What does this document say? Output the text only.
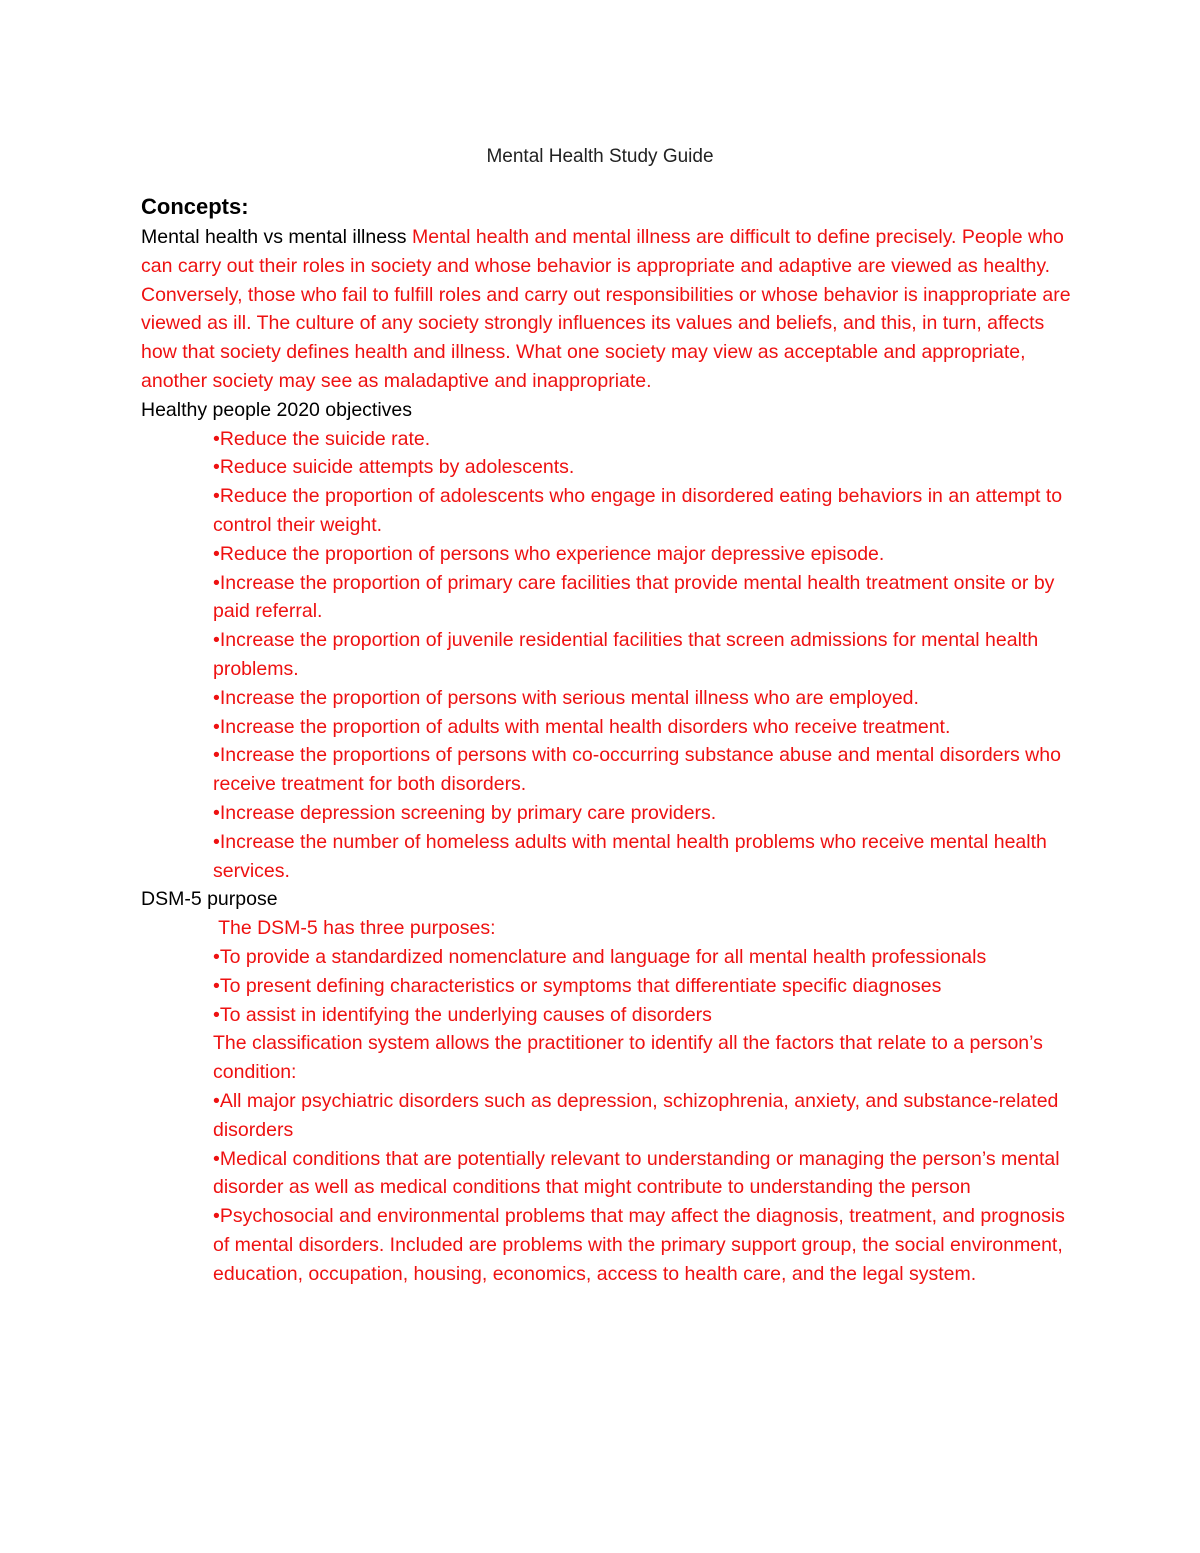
Mental Health Study Guide

Concepts:

Mental health vs mental illness Mental health and mental illness are difficult to define precisely. People who can carry out their roles in society and whose behavior is appropriate and adaptive are viewed as healthy. Conversely, those who fail to fulfill roles and carry out responsibilities or whose behavior is inappropriate are viewed as ill. The culture of any society strongly influences its values and beliefs, and this, in turn, affects how that society defines health and illness. What one society may view as acceptable and appropriate, another society may see as maladaptive and inappropriate.

Healthy people 2020 objectives

•Reduce the suicide rate.

•Reduce suicide attempts by adolescents.

•Reduce the proportion of adolescents who engage in disordered eating behaviors in an attempt to control their weight.

•Reduce the proportion of persons who experience major depressive episode.

•Increase the proportion of primary care facilities that provide mental health treatment onsite or by paid referral.

•Increase the proportion of juvenile residential facilities that screen admissions for mental health problems.

•Increase the proportion of persons with serious mental illness who are employed.

•Increase the proportion of adults with mental health disorders who receive treatment.

•Increase the proportions of persons with co-occurring substance abuse and mental disorders who receive treatment for both disorders.

•Increase depression screening by primary care providers.

•Increase the number of homeless adults with mental health problems who receive mental health services.

DSM-5 purpose

The DSM-5 has three purposes:

•To provide a standardized nomenclature and language for all mental health professionals

•To present defining characteristics or symptoms that differentiate specific diagnoses

•To assist in identifying the underlying causes of disorders

The classification system allows the practitioner to identify all the factors that relate to a person’s condition:

•All major psychiatric disorders such as depression, schizophrenia, anxiety, and substance-related disorders

•Medical conditions that are potentially relevant to understanding or managing the person’s mental disorder as well as medical conditions that might contribute to understanding the person

•Psychosocial and environmental problems that may affect the diagnosis, treatment, and prognosis of mental disorders. Included are problems with the primary support group, the social environment, education, occupation, housing, economics, access to health care, and the legal system.
